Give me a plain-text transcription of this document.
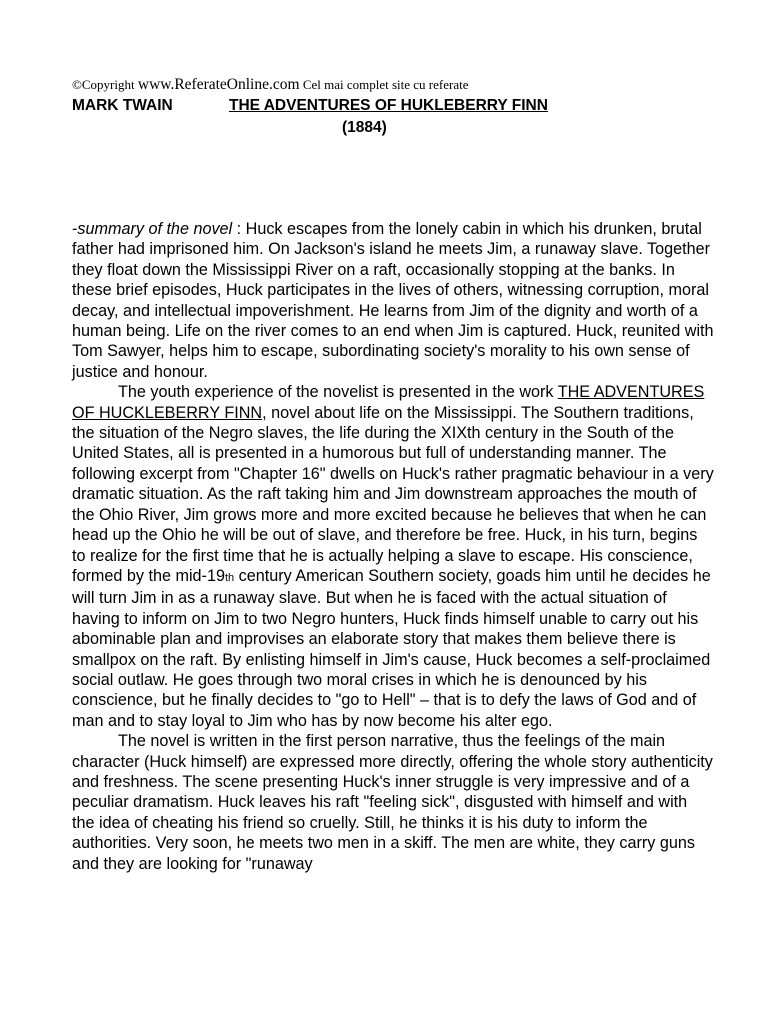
©Copyright www.ReferateOnline.com Cel mai complet site cu referate
MARK TWAIN	THE ADVENTURES OF HUKLEBERRY FINN
(1884)

-summary of the novel : Huck escapes from the lonely cabin in which his drunken, brutal father had imprisoned him. On Jackson's island he meets Jim, a runaway slave. Together they float down the Mississippi River on a raft, occasionally stopping at the banks. In these brief episodes, Huck participates in the lives of others, witnessing corruption, moral decay, and intellectual impoverishment. He learns from Jim of the dignity and worth of a human being. Life on the river comes to an end when Jim is captured. Huck, reunited with Tom Sawyer, helps him to escape, subordinating society's morality to his own sense of justice and honour.

The youth experience of the novelist is presented in the work THE ADVENTURES OF HUCKLEBERRY FINN, novel about life on the Mississippi. The Southern traditions, the situation of the Negro slaves, the life during the XIXth century in the South of the United States, all is presented in a humorous but full of understanding manner. The following excerpt from "Chapter 16" dwells on Huck's rather pragmatic behaviour in a very dramatic situation. As the raft taking him and Jim downstream approaches the mouth of the Ohio River, Jim grows more and more excited because he believes that when he can head up the Ohio he will be out of slave, and therefore be free. Huck, in his turn, begins to realize for the first time that he is actually helping a slave to escape. His conscience, formed by the mid-19th century American Southern society, goads him until he decides he will turn Jim in as a runaway slave. But when he is faced with the actual situation of having to inform on Jim to two Negro hunters, Huck finds himself unable to carry out his abominable plan and improvises an elaborate story that makes them believe there is smallpox on the raft. By enlisting himself in Jim's cause, Huck becomes a self-proclaimed social outlaw. He goes through two moral crises in which he is denounced by his conscience, but he finally decides to "go to Hell" – that is to defy the laws of God and of man and to stay loyal to Jim who has by now become his alter ego.

The novel is written in the first person narrative, thus the feelings of the main character (Huck himself) are expressed more directly, offering the whole story authenticity and freshness. The scene presenting Huck's inner struggle is very impressive and of a peculiar dramatism. Huck leaves his raft "feeling sick", disgusted with himself and with the idea of cheating his friend so cruelly. Still, he thinks it is his duty to inform the authorities. Very soon, he meets two men in a skiff. The men are white, they carry guns and they are looking for "runaway
